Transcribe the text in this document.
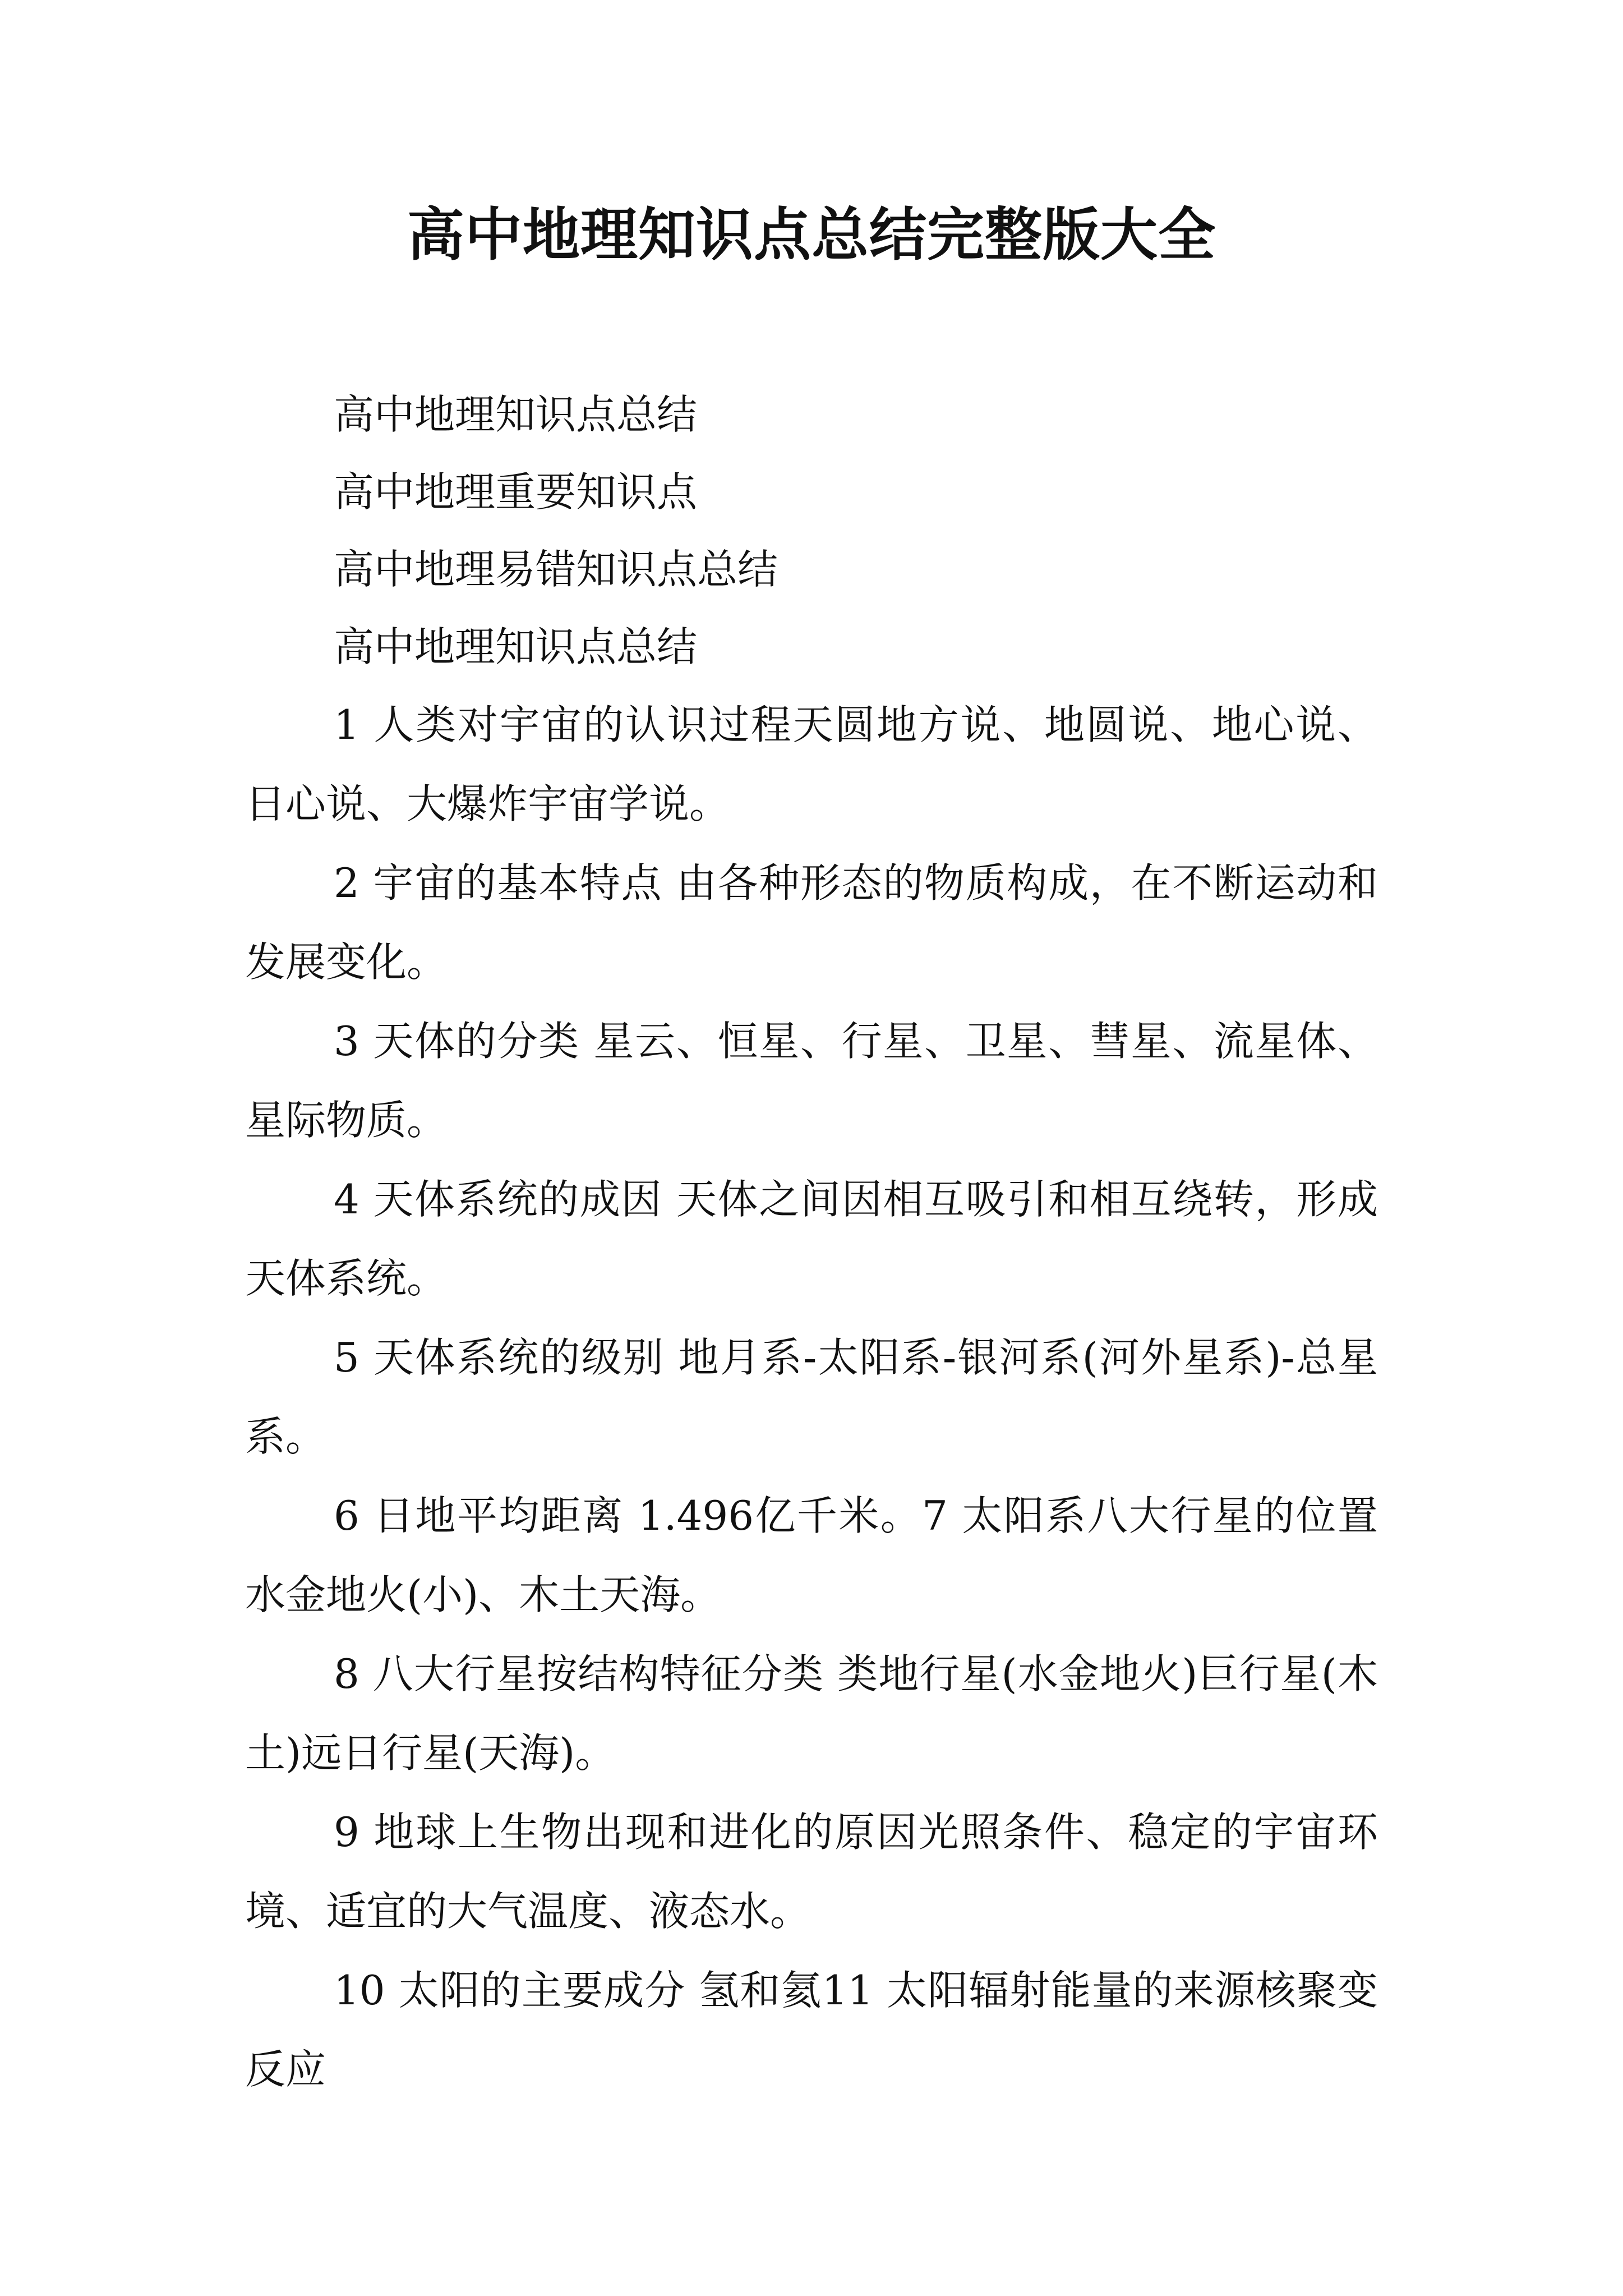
高中地理知识点总结完整版大全

高中地理知识点总结

高中地理重要知识点

高中地理易错知识点总结

高中地理知识点总结

1 人类对宇宙的认识过程天圆地方说、地圆说、地心说、日心说、大爆炸宇宙学说。

2 宇宙的基本特点 由各种形态的物质构成，在不断运动和发展变化。

3 天体的分类 星云、恒星、行星、卫星、彗星、流星体、星际物质。

4 天体系统的成因 天体之间因相互吸引和相互绕转，形成天体系统。

5 天体系统的级别 地月系-太阳系-银河系(河外星系)-总星系。

6 日地平均距离 1.496亿千米。7 太阳系八大行星的位置 水金地火(小)、木土天海。

8 八大行星按结构特征分类 类地行星(水金地火)巨行星(木土)远日行星(天海)。

9 地球上生物出现和进化的原因光照条件、稳定的宇宙环境、适宜的大气温度、液态水。

10 太阳的主要成分 氢和氦11 太阳辐射能量的来源核聚变反应
